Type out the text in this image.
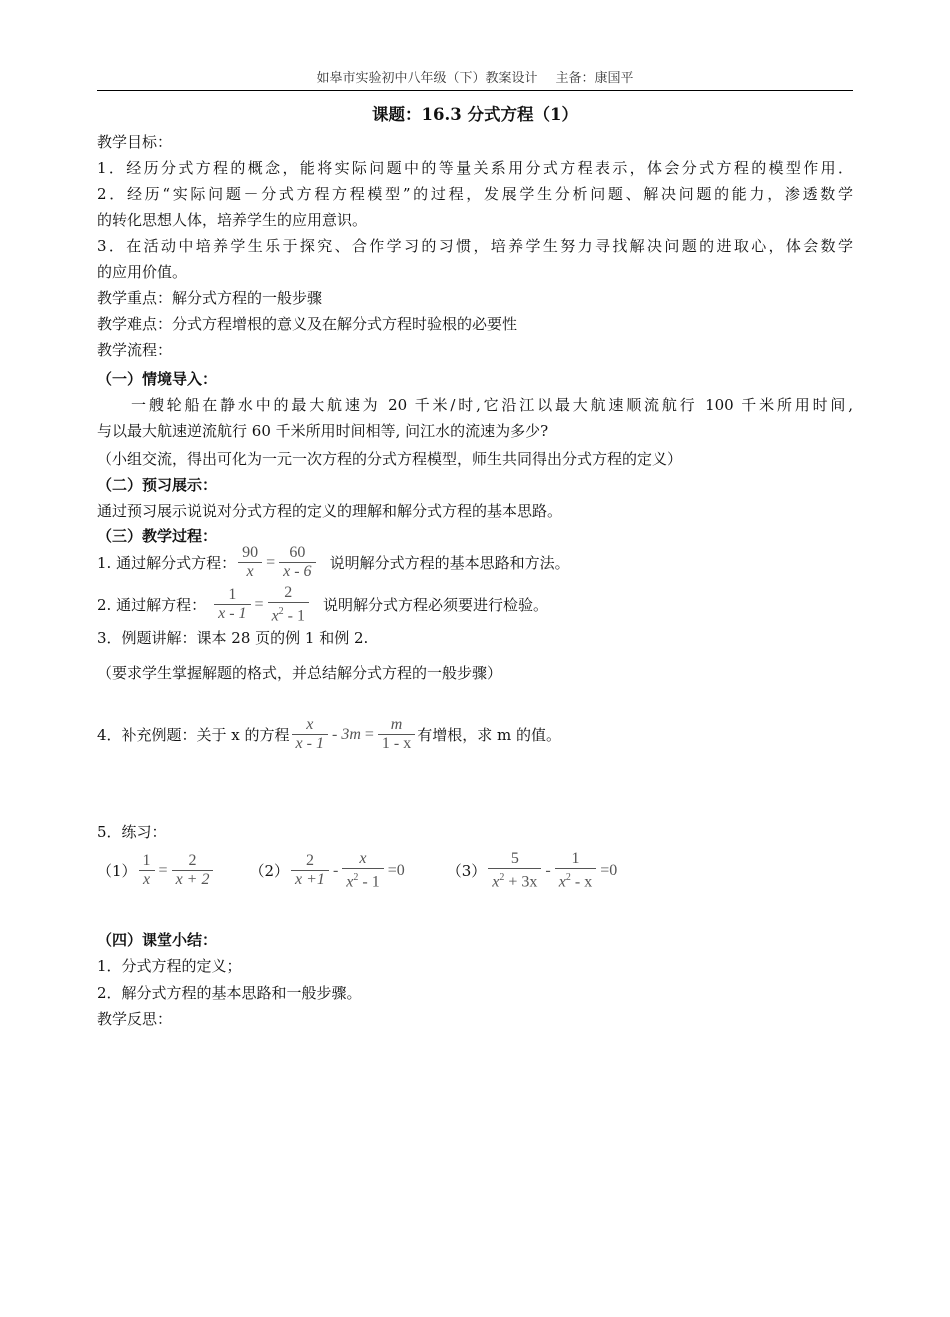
如皋市实验初中八年级（下）教案设计 主备：康国平
课题：16.3 分式方程（1）
教学目标：
1．经历分式方程的概念，能将实际问题中的等量关系用分式方程表示，体会分式方程的模型作用．
2．经历“实际问题－分式方程方程模型”的过程，发展学生分析问题、解决问题的能力，渗透数学
的转化思想人体，培养学生的应用意识。
3．在活动中培养学生乐于探究、合作学习的习惯，培养学生努力寻找解决问题的进取心，体会数学
的应用价值。
教学重点：解分式方程的一般步骤
教学难点：分式方程增根的意义及在解分式方程时验根的必要性
教学流程：
（一）情境导入：
一艘轮船在静水中的最大航速为 20 千米/时,它沿江以最大航速顺流航行 100 千米所用时间,
与以最大航速逆流航行 60 千米所用时间相等, 问江水的流速为多少?
（小组交流，得出可化为一元一次方程的分式方程模型，师生共同得出分式方程的定义）
（二）预习展示：
通过预习展示说说对分式方程的定义的理解和解分式方程的基本思路。
（三）教学过程：
1. 通过解分式方程： $\frac{90}{x} = \frac{60}{x - 6}$ 说明解分式方程的基本思路和方法。
2. 通过解方程： $\frac{1}{x - 1} = \frac{2}{x^2 - 1}$ 说明解分式方程必须要进行检验。
3．例题讲解：课本 28 页的例 1 和例 2.
（要求学生掌握解题的格式，并总结解分式方程的一般步骤）
4．补充例题：关于 x 的方程 $\frac{x}{x - 1} - 3m = \frac{m}{1 - x}$ 有增根，求 m 的值。
5．练习：
$(1) \frac{1}{x} = \frac{2}{x + 2} (2) \frac{2}{x +1} - \frac{x}{x^2 - 1} =0$	$(3) \frac{5}{x^2 + 3x} - \frac{1}{x^2 - x} =0$
（四）课堂小结：
1．分式方程的定义；
2．解分式方程的基本思路和一般步骤。
教学反思：
